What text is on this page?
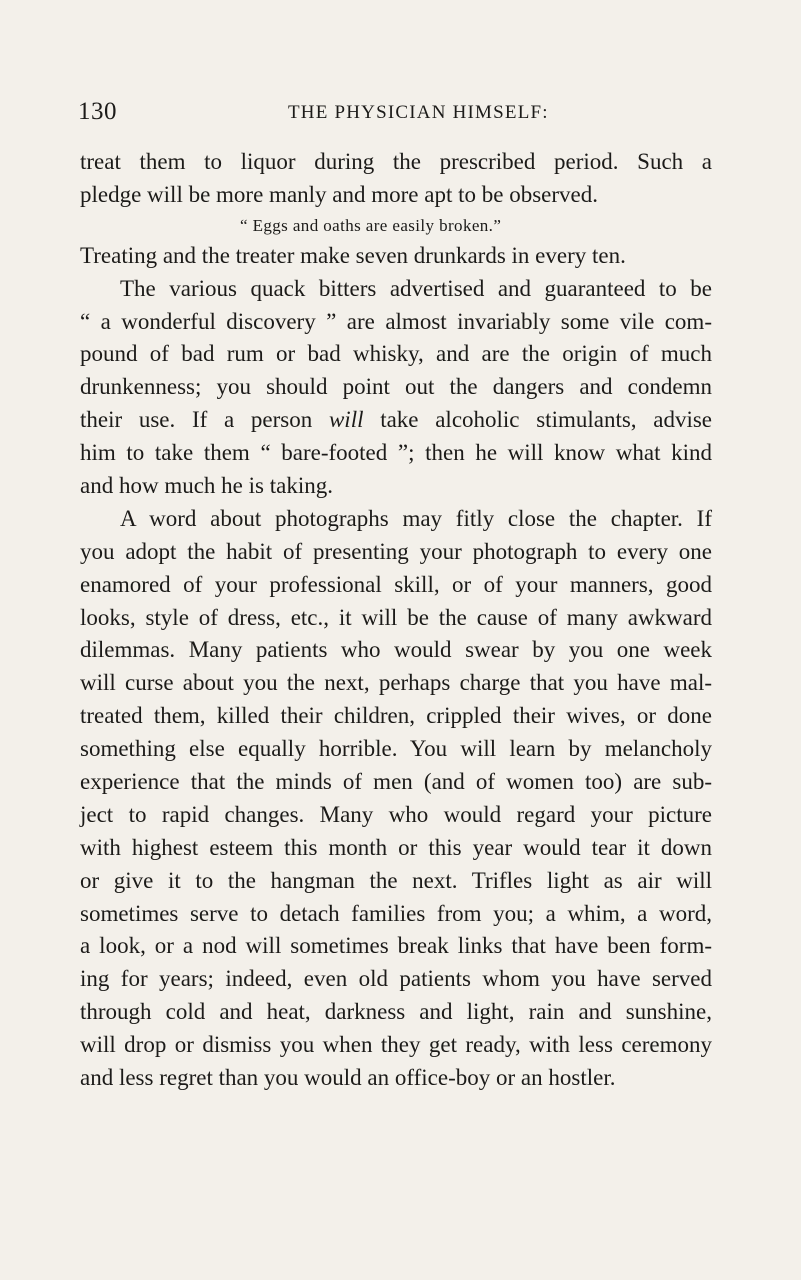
130	THE PHYSICIAN HIMSELF:
treat them to liquor during the prescribed period. Such a
pledge will be more manly and more apt to be observed.
“ Eggs and oaths are easily broken.”
Treating and the treater make seven drunkards in every ten.
The various quack bitters advertised and guaranteed to be
“ a wonderful discovery ” are almost invariably some vile com-
pound of bad rum or bad whisky, and are the origin of much
drunkenness; you should point out the dangers and condemn
their use. If a person will take alcoholic stimulants, advise
him to take them “ bare-footed ”; then he will know what kind
and how much he is taking.
A word about photographs may fitly close the chapter. If
you adopt the habit of presenting your photograph to every one
enamored of your professional skill, or of your manners, good
looks, style of dress, etc., it will be the cause of many awkward
dilemmas. Many patients who would swear by you one week
will curse about you the next, perhaps charge that you have mal-
treated them, killed their children, crippled their wives, or done
something else equally horrible. You will learn by melancholy
experience that the minds of men (and of women too) are sub-
ject to rapid changes. Many who would regard your picture
with highest esteem this month or this year would tear it down
or give it to the hangman the next. Trifles light as air will
sometimes serve to detach families from you; a whim, a word,
a look, or a nod will sometimes break links that have been form-
ing for years; indeed, even old patients whom you have served
through cold and heat, darkness and light, rain and sunshine,
will drop or dismiss you when they get ready, with less ceremony
and less regret than you would an office-boy or an hostler.
